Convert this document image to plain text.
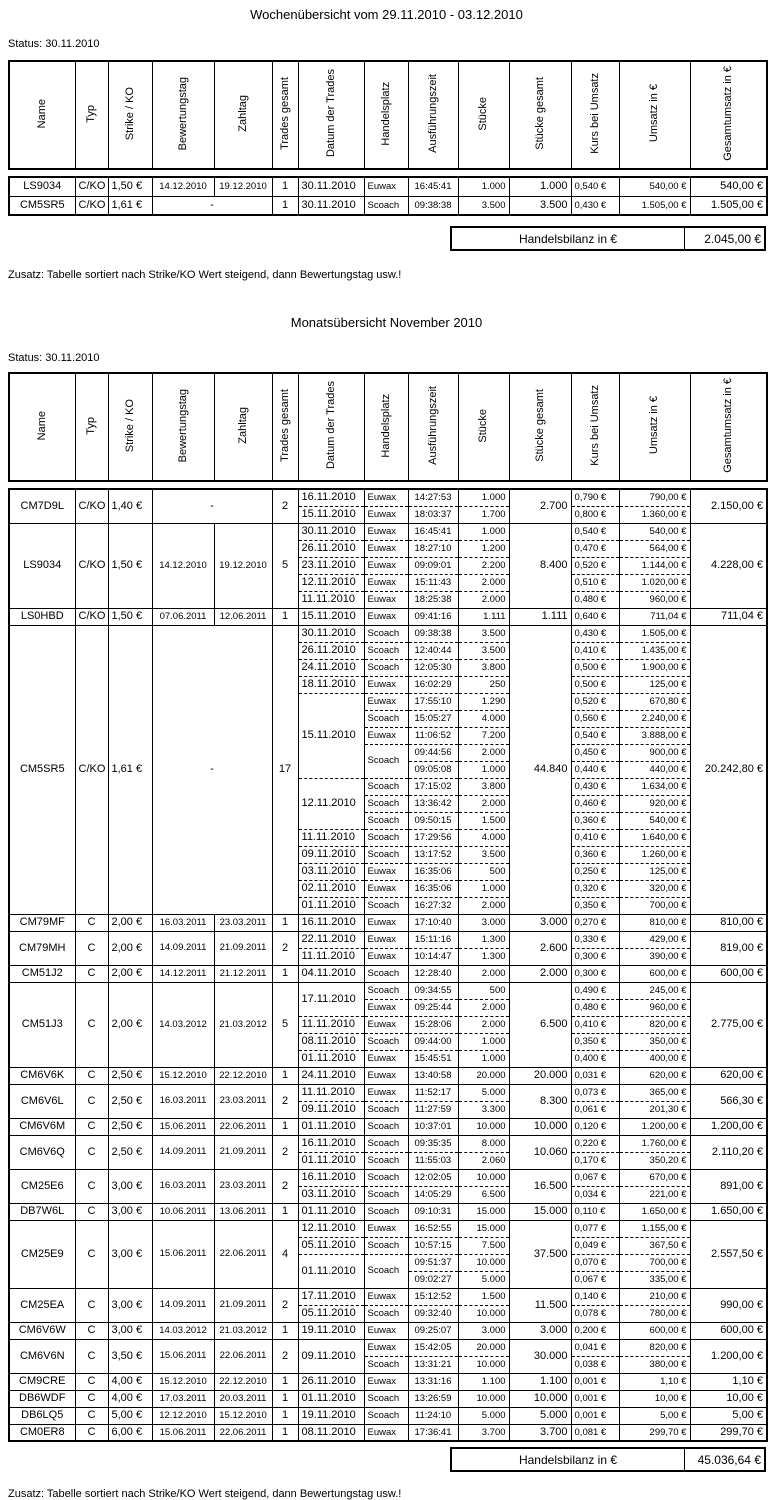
Wochenübersicht vom 29.11.2010 - 03.12.2010
Status: 30.11.2010
Name	Typ	Strike / KO	Bewertungstag	Zahltag	Trades gesamt	Datum der Trades	Handelsplatz	Ausführungszeit	Stücke	Stücke gesamt	Kurs bei Umsatz	Umsatz in €	Gesamtumsatz in €
LS9034	C/KO	1,50 €	14.12.2010	19.12.2010	1	30.11.2010	Euwax	16:45:41	1.000	1.000	0,540 €	540,00 €	540,00 €
CM5SR5	C/KO	1,61 €	-		1	30.11.2010	Scoach	09:38:38	3.500	3.500	0,430 €	1.505,00 €	1.505,00 €
Handelsbilanz in €	2.045,00 €
Zusatz: Tabelle sortiert nach Strike/KO Wert steigend, dann Bewertungstag usw.!
Monatsübersicht November 2010
Status: 30.11.2010
Name	Typ	Strike / KO	Bewertungstag	Zahltag	Trades gesamt	Datum der Trades	Handelsplatz	Ausführungszeit	Stücke	Stücke gesamt	Kurs bei Umsatz	Umsatz in €	Gesamtumsatz in €
CM7D9L	C/KO	1,40 €	-		2	16.11.2010	Euwax	14:27:53	1.000	2.700	0,790 €	790,00 €	2.150,00 €
						15.11.2010	Euwax	18:03:37	1.700		0,800 €	1.360,00 €	
LS9034	C/KO	1,50 €	14.12.2010	19.12.2010	5	30.11.2010	Euwax	16:45:41	1.000	8.400	0,540 €	540,00 €	4.228,00 €
						26.11.2010	Euwax	18:27:10	1.200		0,470 €	564,00 €	
						23.11.2010	Euwax	09:09:01	2.200		0,520 €	1.144,00 €	
						12.11.2010	Euwax	15:11:43	2.000		0,510 €	1.020,00 €	
						11.11.2010	Euwax	18:25:38	2.000		0,480 €	960,00 €	
LS0HBD	C/KO	1,50 €	07.06.2011	12.06.2011	1	15.11.2010	Euwax	09:41:16	1.111	1.111	0,640 €	711,04 €	711,04 €
CM5SR5	C/KO	1,61 €	-		17	30.11.2010	Scoach	09:38:38	3.500	44.840	0,430 €	1.505,00 €	20.242,80 €
						26.11.2010	Scoach	12:40:44	3.500		0,410 €	1.435,00 €	
						24.11.2010	Scoach	12:05:30	3.800		0,500 €	1.900,00 €	
						18.11.2010	Euwax	16:02:29	250		0,500 €	125,00 €	
						15.11.2010	Euwax	17:55:10	1.290		0,520 €	670,80 €	
							Scoach	15:05:27	4.000		0,560 €	2.240,00 €	
							Euwax	11:06:52	7.200		0,540 €	3.888,00 €	
							Scoach	09:44:56	2.000		0,450 €	900,00 €	
								09:05:08	1.000		0,440 €	440,00 €	
						12.11.2010	Scoach	17:15:02	3.800		0,430 €	1.634,00 €	
							Scoach	13:36:42	2.000		0,460 €	920,00 €	
							Scoach	09:50:15	1.500		0,360 €	540,00 €	
						11.11.2010	Scoach	17:29:56	4.000		0,410 €	1.640,00 €	
						09.11.2010	Scoach	13:17:52	3.500		0,360 €	1.260,00 €	
						03.11.2010	Euwax	16:35:06	500		0,250 €	125,00 €	
						02.11.2010	Euwax	16:35:06	1.000		0,320 €	320,00 €	
						01.11.2010	Scoach	16:27:32	2.000		0,350 €	700,00 €	
CM79MF	C	2,00 €	16.03.2011	23.03.2011	1	16.11.2010	Euwax	17:10:40	3.000	3.000	0,270 €	810,00 €	810,00 €
CM79MH	C	2,00 €	14.09.2011	21.09.2011	2	22.11.2010	Euwax	15:11:16	1.300	2.600	0,330 €	429,00 €	819,00 €
						11.11.2010	Euwax	10:14:47	1.300		0,300 €	390,00 €	
CM51J2	C	2,00 €	14.12.2011	21.12.2011	1	04.11.2010	Scoach	12:28:40	2.000	2.000	0,300 €	600,00 €	600,00 €
CM51J3	C	2,00 €	14.03.2012	21.03.2012	5	17.11.2010	Scoach	09:34:55	500	6.500	0,490 €	245,00 €	2.775,00 €
							Euwax	09:25:44	2.000		0,480 €	960,00 €	
						11.11.2010	Euwax	15:28:06	2.000		0,410 €	820,00 €	
						08.11.2010	Scoach	09:44:00	1.000		0,350 €	350,00 €	
						01.11.2010	Euwax	15:45:51	1.000		0,400 €	400,00 €	
CM6V6K	C	2,50 €	15.12.2010	22.12.2010	1	24.11.2010	Euwax	13:40:58	20.000	20.000	0,031 €	620,00 €	620,00 €
CM6V6L	C	2,50 €	16.03.2011	23.03.2011	2	11.11.2010	Euwax	11:52:17	5.000	8.300	0,073 €	365,00 €	566,30 €
						09.11.2010	Scoach	11:27:59	3.300		0,061 €	201,30 €	
CM6V6M	C	2,50 €	15.06.2011	22.06.2011	1	01.11.2010	Scoach	10:37:01	10.000	10.000	0,120 €	1.200,00 €	1.200,00 €
CM6V6Q	C	2,50 €	14.09.2011	21.09.2011	2	16.11.2010	Scoach	09:35:35	8.000	10.060	0,220 €	1.760,00 €	2.110,20 €
						01.11.2010	Scoach	11:55:03	2.060		0,170 €	350,20 €	
CM25E6	C	3,00 €	16.03.2011	23.03.2011	2	16.11.2010	Scoach	12:02:05	10.000	16.500	0,067 €	670,00 €	891,00 €
						03.11.2010	Scoach	14:05:29	6.500		0,034 €	221,00 €	
DB7W6L	C	3,00 €	10.06.2011	13.06.2011	1	01.11.2010	Scoach	09:10:31	15.000	15.000	0,110 €	1.650,00 €	1.650,00 €
CM25E9	C	3,00 €	15.06.2011	22.06.2011	4	12.11.2010	Euwax	16:52:55	15.000	37.500	0,077 €	1.155,00 €	2.557,50 €
						05.11.2010	Scoach	10:57:15	7.500		0,049 €	367,50 €	
						01.11.2010	Scoach	09:51:37	10.000		0,070 €	700,00 €	
								09:02:27	5.000		0,067 €	335,00 €	
CM25EA	C	3,00 €	14.09.2011	21.09.2011	2	17.11.2010	Euwax	15:12:52	1.500	11.500	0,140 €	210,00 €	990,00 €
						05.11.2010	Scoach	09:32:40	10.000		0,078 €	780,00 €	
CM6V6W	C	3,00 €	14.03.2012	21.03.2012	1	19.11.2010	Euwax	09:25:07	3.000	3.000	0,200 €	600,00 €	600,00 €
CM6V6N	C	3,50 €	15.06.2011	22.06.2011	2	09.11.2010	Euwax	15:42:05	20.000	30.000	0,041 €	820,00 €	1.200,00 €
							Scoach	13:31:21	10.000		0,038 €	380,00 €	
CM9CRE	C	4,00 €	15.12.2010	22.12.2010	1	26.11.2010	Euwax	13:31:16	1.100	1.100	0,001 €	1,10 €	1,10 €
DB6WDF	C	4,00 €	17.03.2011	20.03.2011	1	01.11.2010	Scoach	13:26:59	10.000	10.000	0,001 €	10,00 €	10,00 €
DB6LQ5	C	5,00 €	12.12.2010	15.12.2010	1	19.11.2010	Scoach	11:24:10	5.000	5.000	0,001 €	5,00 €	5,00 €
CM0ER8	C	6,00 €	15.06.2011	22.06.2011	1	08.11.2010	Euwax	17:36:41	3.700	3.700	0,081 €	299,70 €	299,70 €
Handelsbilanz in €	45.036,64 €
Zusatz: Tabelle sortiert nach Strike/KO Wert steigend, dann Bewertungstag usw.!
